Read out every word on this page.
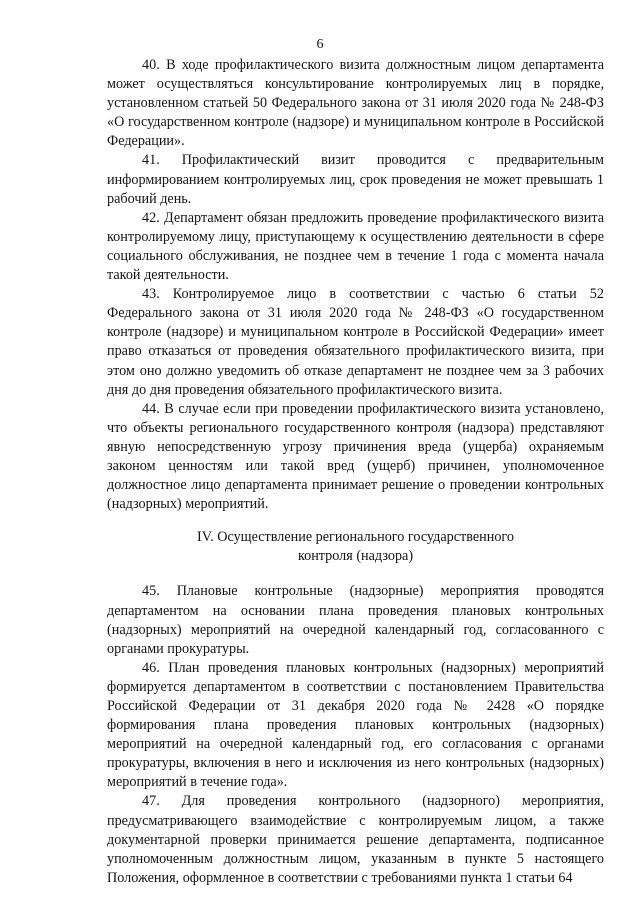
6

40. В ходе профилактического визита должностным лицом департамента может осуществляться консультирование контролируемых лиц в порядке, установленном статьей 50 Федерального закона от 31 июля 2020 года № 248-ФЗ «О государственном контроле (надзоре) и муниципальном контроле в Российской Федерации».

41. Профилактический визит проводится с предварительным информированием контролируемых лиц, срок проведения не может превышать 1 рабочий день.

42. Департамент обязан предложить проведение профилактического визита контролируемому лицу, приступающему к осуществлению деятельности в сфере социального обслуживания, не позднее чем в течение 1 года с момента начала такой деятельности.

43. Контролируемое лицо в соответствии с частью 6 статьи 52 Федерального закона от 31 июля 2020 года № 248-ФЗ «О государственном контроле (надзоре) и муниципальном контроле в Российской Федерации» имеет право отказаться от проведения обязательного профилактического визита, при этом оно должно уведомить об отказе департамент не позднее чем за 3 рабочих дня до дня проведения обязательного профилактического визита.

44. В случае если при проведении профилактического визита установлено, что объекты регионального государственного контроля (надзора) представляют явную непосредственную угрозу причинения вреда (ущерба) охраняемым законом ценностям или такой вред (ущерб) причинен, уполномоченное должностное лицо департамента принимает решение о проведении контрольных (надзорных) мероприятий.

IV. Осуществление регионального государственного
контроля (надзора)

45. Плановые контрольные (надзорные) мероприятия проводятся департаментом на основании плана проведения плановых контрольных (надзорных) мероприятий на очередной календарный год, согласованного с органами прокуратуры.

46. План проведения плановых контрольных (надзорных) мероприятий формируется департаментом в соответствии с постановлением Правительства Российской Федерации от 31 декабря 2020 года № 2428 «О порядке формирования плана проведения плановых контрольных (надзорных) мероприятий на очередной календарный год, его согласования с органами прокуратуры, включения в него и исключения из него контрольных (надзорных) мероприятий в течение года».

47. Для проведения контрольного (надзорного) мероприятия, предусматривающего взаимодействие с контролируемым лицом, а также документарной проверки принимается решение департамента, подписанное уполномоченным должностным лицом, указанным в пункте 5 настоящего Положения, оформленное в соответствии с требованиями пункта 1 статьи 64
